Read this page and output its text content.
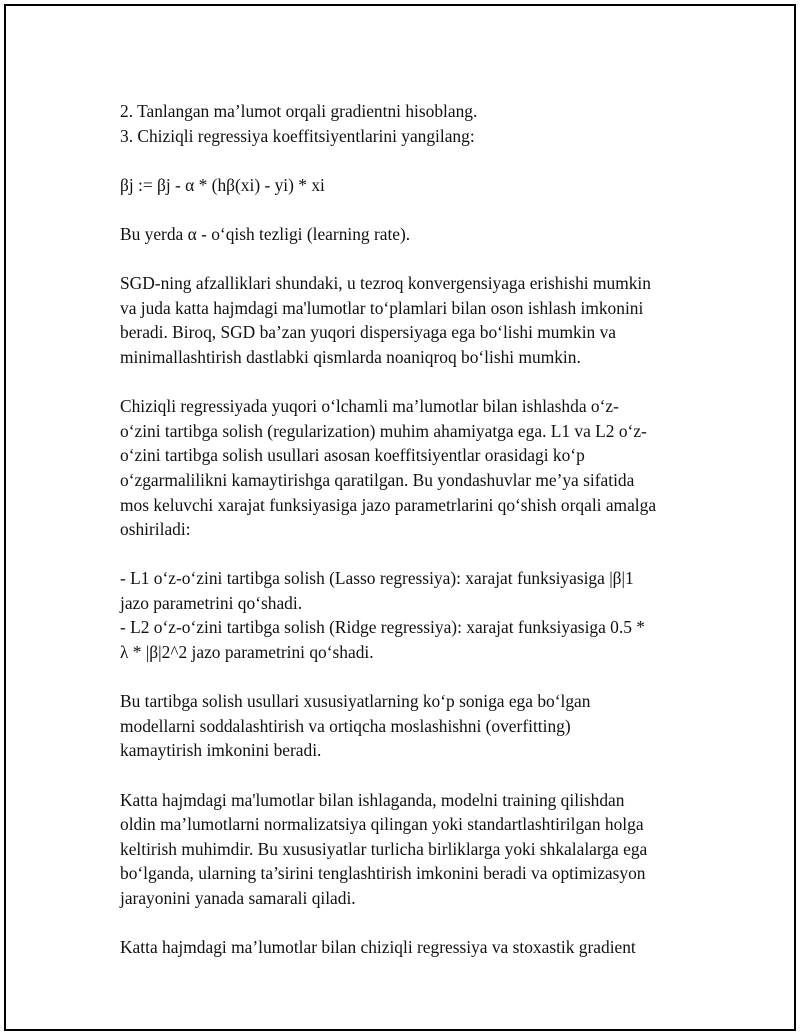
2. Tanlangan ma’lumot orqali gradientni hisoblang.
3. Chiziqli regressiya koeffitsiyentlarini yangilang:
βj := βj - α * (hβ(xi) - yi) * xi
Bu yerda α - o‘qish tezligi (learning rate).
SGD-ning afzalliklari shundaki, u tezroq konvergensiyaga erishishi mumkin
va juda katta hajmdagi ma'lumotlar to‘plamlari bilan oson ishlash imkonini
beradi. Biroq, SGD ba’zan yuqori dispersiyaga ega bo‘lishi mumkin va
minimallashtirish dastlabki qismlarda noaniqroq bo‘lishi mumkin.
Chiziqli regressiyada yuqori o‘lchamli ma’lumotlar bilan ishlashda o‘z-
o‘zini tartibga solish (regularization) muhim ahamiyatga ega. L1 va L2 o‘z-
o‘zini tartibga solish usullari asosan koeffitsiyentlar orasidagi ko‘p
o‘zgarmalilikni kamaytirishga qaratilgan. Bu yondashuvlar me’ya sifatida
mos keluvchi xarajat funksiyasiga jazo parametrlarini qo‘shish orqali amalga
oshiriladi:
- L1 o‘z-o‘zini tartibga solish (Lasso regressiya): xarajat funksiyasiga |β|1
jazo parametrini qo‘shadi.
- L2 o‘z-o‘zini tartibga solish (Ridge regressiya): xarajat funksiyasiga 0.5 *
λ * |β|2^2 jazo parametrini qo‘shadi.
Bu tartibga solish usullari xususiyatlarning ko‘p soniga ega bo‘lgan
modellarni soddalashtirish va ortiqcha moslashishni (overfitting)
kamaytirish imkonini beradi.
Katta hajmdagi ma'lumotlar bilan ishlaganda, modelni training qilishdan
oldin ma’lumotlarni normalizatsiya qilingan yoki standartlashtirilgan holga
keltirish muhimdir. Bu xususiyatlar turlicha birliklarga yoki shkalalarga ega
bo‘lganda, ularning ta’sirini tenglashtirish imkonini beradi va optimizasyon
jarayonini yanada samarali qiladi.
Katta hajmdagi ma’lumotlar bilan chiziqli regressiya va stoxastik gradient
